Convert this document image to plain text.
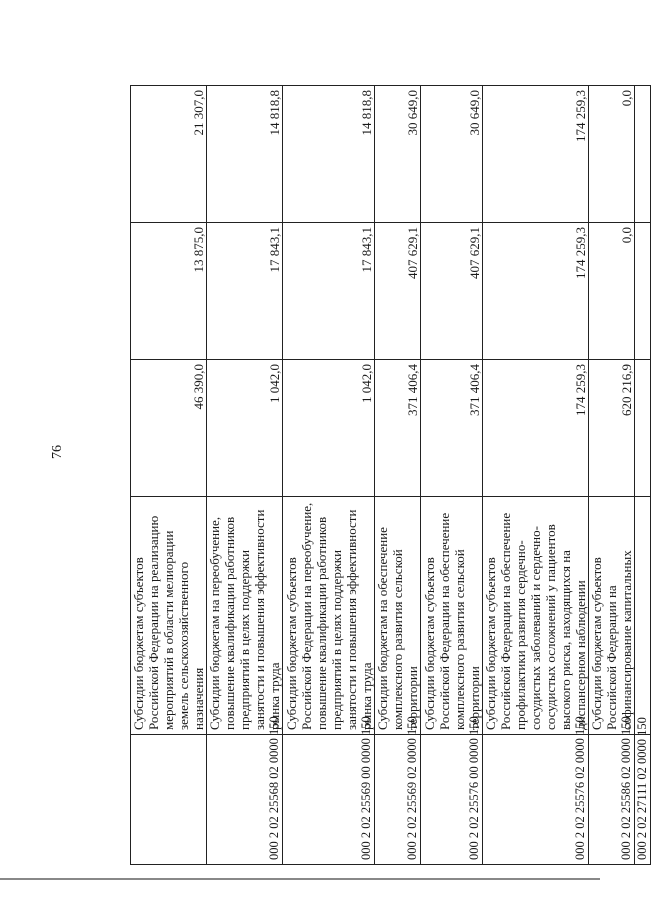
76
	Субсидии бюджетам субъектов Российской Федерации на реализацию мероприятий в области мелиорации земель сельскохозяйственного назначения	46 390,0	13 875,0	21 307,0
000 2 02 25568 02 0000 150	Субсидии бюджетам на переобучение, повышение квалификации работников предприятий в целях поддержки занятости и повышения эффективности рынка труда	1 042,0	17 843,1	14 818,8
000 2 02 25569 00 0000 150	Субсидии бюджетам субъектов Российской Федерации на переобучение, повышение квалификации работников предприятий в целях поддержки занятости и повышения эффективности рынка труда	1 042,0	17 843,1	14 818,8
000 2 02 25569 02 0000 150	Субсидии бюджетам на обеспечение комплексного развития сельской территории	371 406,4	407 629,1	30 649,0
000 2 02 25576 00 0000 150	Субсидии бюджетам субъектов Российской Федерации на обеспечение комплексного развития сельской территории	371 406,4	407 629,1	30 649,0
000 2 02 25576 02 0000 150	Субсидии бюджетам субъектов Российской Федерации на обеспечение профилактики развития сердечно-сосудистых заболеваний и сердечно-сосудистых осложнений у пациентов высокого риска, находящихся на диспансерном наблюдении	174 259,3	174 259,3	174 259,3
000 2 02 25586 02 0000 150	Субсидии бюджетам субъектов Российской Федерации на софинансирование капитальных	620 216,9	0,0	0,0
000 2 02 27111 02 0000 150				
